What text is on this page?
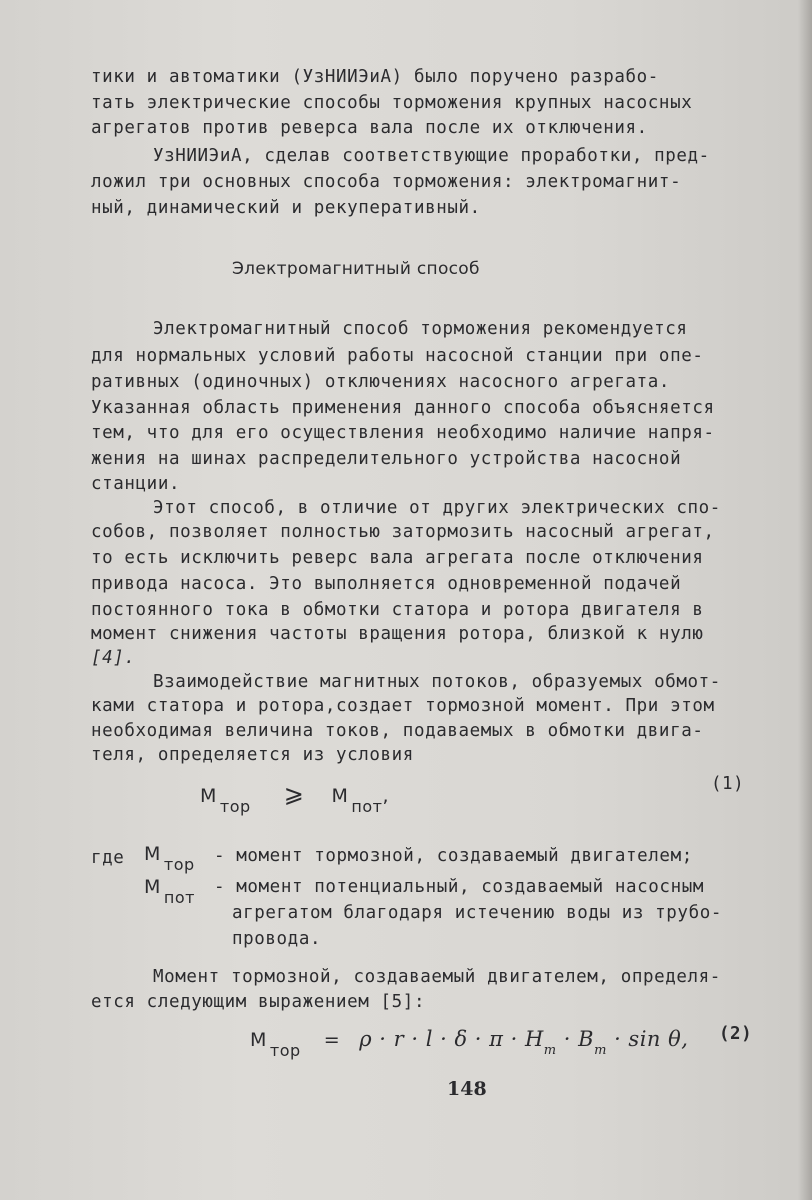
тики и автоматики (УзНИИЭиА) было поручено разрабо-
тать электрические способы торможения крупных насосных
агрегатов против реверса вала после их отключения.
УзНИИЭиА, сделав соответствующие проработки, пред-
ложил три основных способа торможения: электромагнит-
ный, динамический и рекуперативный.
Электромагнитный способ
Электромагнитный способ торможения рекомендуется
для нормальных условий работы насосной станции при опе-
ративных (одиночных) отключениях насосного агрегата.
Указанная область применения данного способа объясняется
тем, что для его осуществления необходимо наличие напря-
жения на шинах распределительного устройства насосной
станции.
Этот способ, в отличие от других электрических спо-
собов, позволяет полностью затормозить насосный агрегат,
то есть исключить реверс вала агрегата после отключения
привода насоса. Это выполняется одновременной подачей
постоянного тока в обмотки статора и ротора двигателя в
момент снижения частоты вращения ротора, близкой к нулю
[4].
Взаимодействие магнитных потоков, образуемых обмот-
ками статора и ротора,создает тормозной момент. При этом
необходимая величина токов, подаваемых в обмотки двига-
теля, определяется из условия
M $_{тор}$ ⩾ M $_{пот}$,
(1)
где M $_{тор}$ - момент тормозной, создаваемый двигателем;
M $_{пот}$
- момент потенциальный, создаваемый насосным
агрегатом благодаря истечению воды из трубо-
провода.
Момент тормозной, создаваемый двигателем, определя-
ется следующим выражением [5]:
M $_{тор} = \rho \cdot r \cdot l \cdot \delta \cdot \pi \cdot H_m \cdot B_m \cdot \sin \theta$, (2)
148
